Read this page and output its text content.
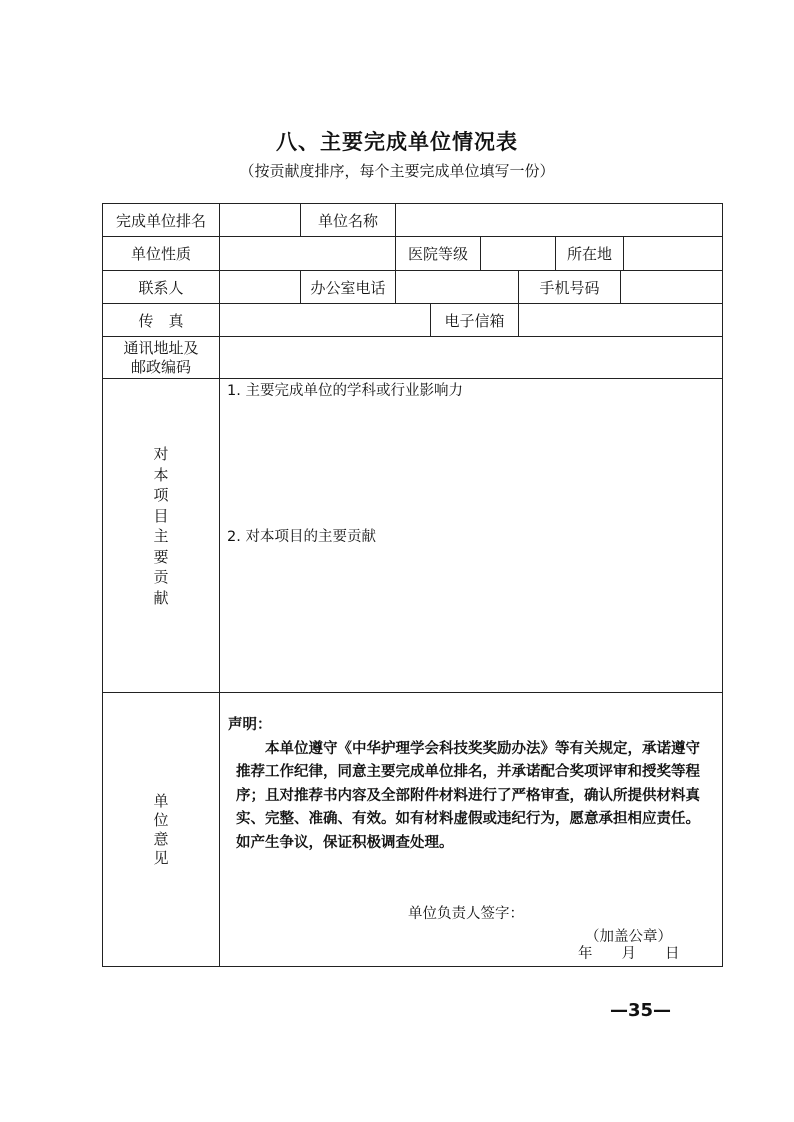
八、主要完成单位情况表
（按贡献度排序，每个主要完成单位填写一份）
完成单位排名	单位名称
单位性质	医院等级	所在地
联系人	办公室电话	手机号码
传　真	电子信箱
通讯地址及
邮政编码
对
本
项
目
主
要
贡
献
1. 主要完成单位的学科或行业影响力
2. 对本项目的主要贡献
单
位
意
见
声明：
本单位遵守《中华护理学会科技奖奖励办法》等有关规定，承诺遵守推荐工作纪律，同意主要完成单位排名，并承诺配合奖项评审和授奖等程序；且对推荐书内容及全部附件材料进行了严格审查，确认所提供材料真实、完整、准确、有效。如有材料虚假或违纪行为，愿意承担相应责任。如产生争议，保证积极调查处理。
单位负责人签字：
（加盖公章）
年　　月　　日
—35—
